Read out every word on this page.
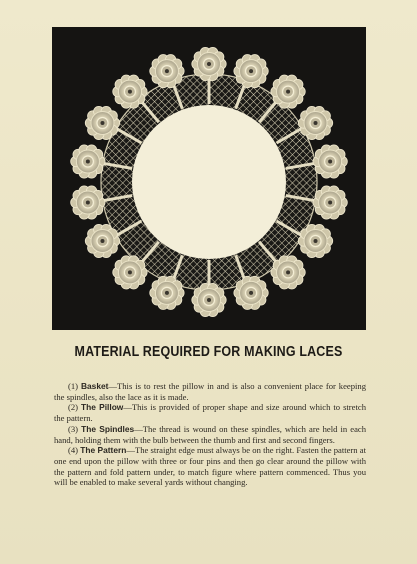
MATERIAL REQUIRED FOR MAKING LACES

(1) Basket—This is to rest the pillow in and is also a convenient place for keeping the spindles, also the lace as it is made.

(2) The Pillow—This is provided of proper shape and size around which to stretch the pattern.

(3) The Spindles—The thread is wound on these spindles, which are held in each hand, holding them with the bulb between the thumb and first and second fingers.

(4) The Pattern—The straight edge must always be on the right. Fasten the pattern at one end upon the pillow with three or four pins and then go clear around the pillow with the pattern and fold pattern under, to match figure where pattern commenced. Thus you will be enabled to make several yards without changing.
